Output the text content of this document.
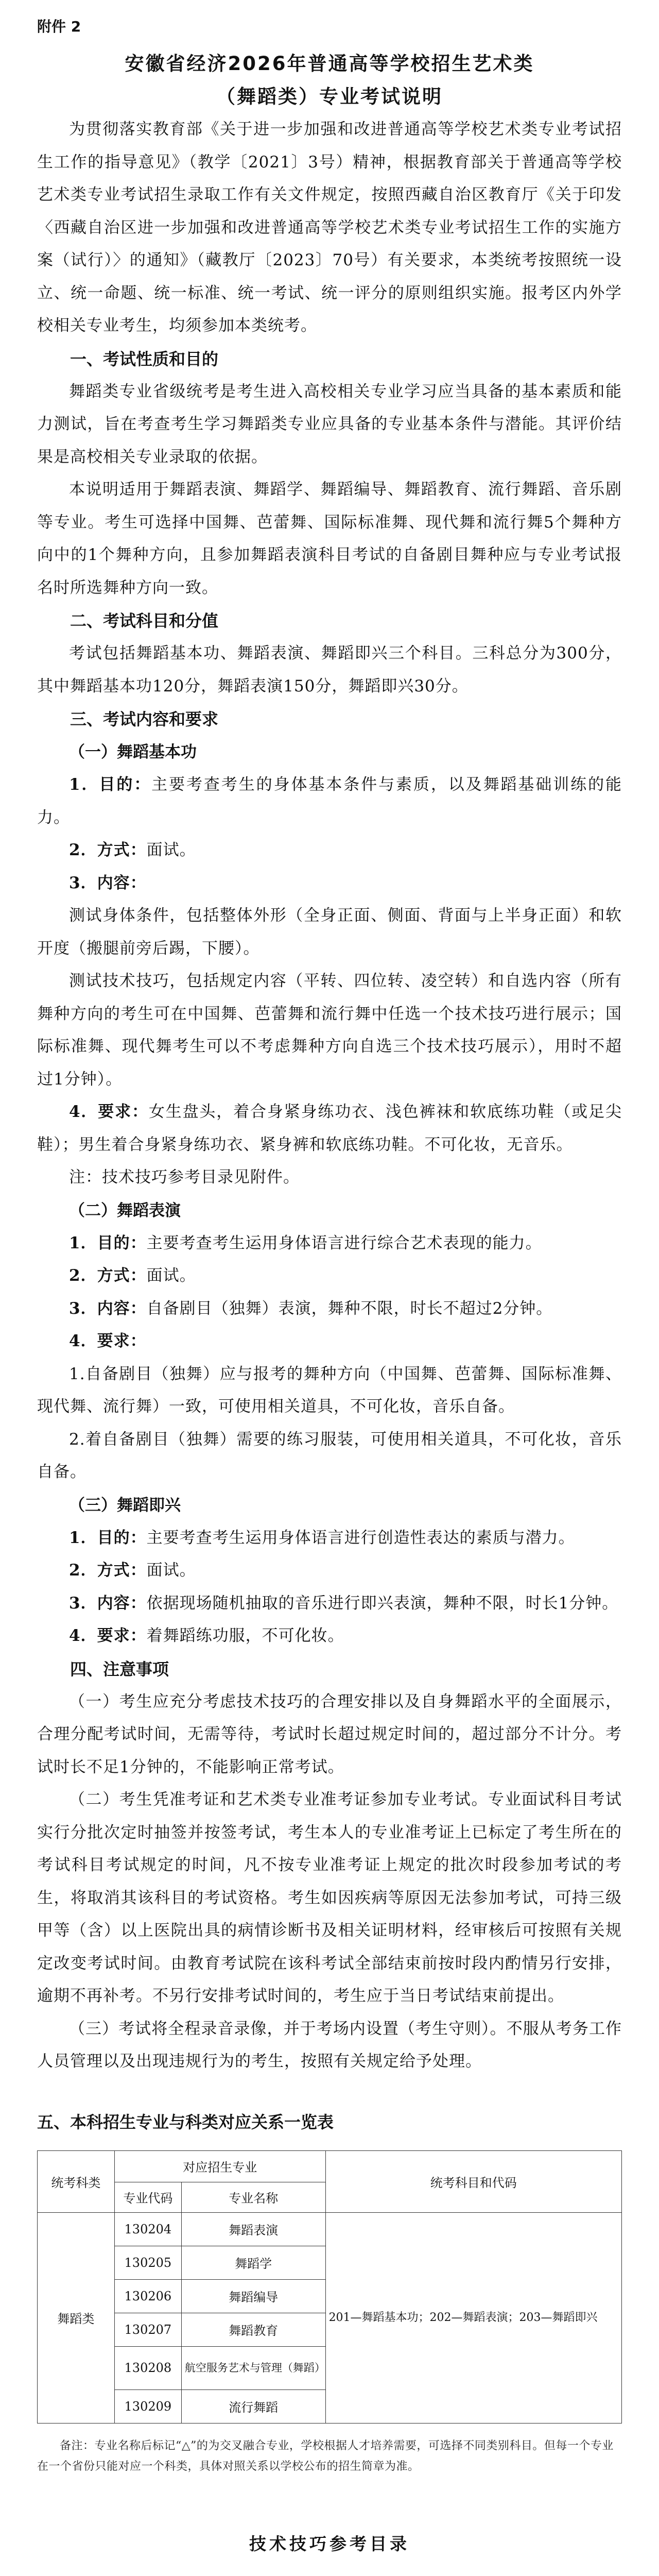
附件 2

安徽省经济2026年普通高等学校招生艺术类

（舞蹈类）专业考试说明

为贯彻落实教育部《关于进一步加强和改进普通高等学校艺术类专业考试招生工作的指导意见》（教学〔2021〕3号）精神，根据教育部关于普通高等学校艺术类专业考试招生录取工作有关文件规定，按照西藏自治区教育厅《关于印发〈西藏自治区进一步加强和改进普通高等学校艺术类专业考试招生工作的实施方案（试行）〉的通知》（藏教厅〔2023〕70号）有关要求，本类统考按照统一设立、统一命题、统一标准、统一考试、统一评分的原则组织实施。报考区内外学校相关专业考生，均须参加本类统考。

一、考试性质和目的

舞蹈类专业省级统考是考生进入高校相关专业学习应当具备的基本素质和能力测试，旨在考查考生学习舞蹈类专业应具备的专业基本条件与潜能。其评价结果是高校相关专业录取的依据。

本说明适用于舞蹈表演、舞蹈学、舞蹈编导、舞蹈教育、流行舞蹈、音乐剧等专业。考生可选择中国舞、芭蕾舞、国际标准舞、现代舞和流行舞5个舞种方向中的1个舞种方向，且参加舞蹈表演科目考试的自备剧目舞种应与专业考试报名时所选舞种方向一致。

二、考试科目和分值

考试包括舞蹈基本功、舞蹈表演、舞蹈即兴三个科目。三科总分为300分，其中舞蹈基本功120分，舞蹈表演150分，舞蹈即兴30分。

三、考试内容和要求

（一）舞蹈基本功

1．目的：主要考查考生的身体基本条件与素质，以及舞蹈基础训练的能力。

2．方式：面试。

3．内容：

测试身体条件，包括整体外形（全身正面、侧面、背面与上半身正面）和软开度（搬腿前旁后踢，下腰）。

测试技术技巧，包括规定内容（平转、四位转、凌空转）和自选内容（所有舞种方向的考生可在中国舞、芭蕾舞和流行舞中任选一个技术技巧进行展示；国际标准舞、现代舞考生可以不考虑舞种方向自选三个技术技巧展示），用时不超过1分钟）。

4．要求：女生盘头，着合身紧身练功衣、浅色裤袜和软底练功鞋（或足尖鞋）；男生着合身紧身练功衣、紧身裤和软底练功鞋。不可化妆，无音乐。

注：技术技巧参考目录见附件。

（二）舞蹈表演

1．目的：主要考查考生运用身体语言进行综合艺术表现的能力。

2．方式：面试。

3．内容：自备剧目（独舞）表演，舞种不限，时长不超过2分钟。

4．要求：

1.自备剧目（独舞）应与报考的舞种方向（中国舞、芭蕾舞、国际标准舞、现代舞、流行舞）一致，可使用相关道具，不可化妆，音乐自备。

2.着自备剧目（独舞）需要的练习服装，可使用相关道具，不可化妆，音乐自备。

（三）舞蹈即兴

1．目的：主要考查考生运用身体语言进行创造性表达的素质与潜力。

2．方式：面试。

3．内容：依据现场随机抽取的音乐进行即兴表演，舞种不限，时长1分钟。

4．要求：着舞蹈练功服，不可化妆。

四、注意事项

（一）考生应充分考虑技术技巧的合理安排以及自身舞蹈水平的全面展示，合理分配考试时间，无需等待，考试时长超过规定时间的，超过部分不计分。考试时长不足1分钟的，不能影响正常考试。

（二）考生凭准考证和艺术类专业准考证参加专业考试。专业面试科目考试实行分批次定时抽签并按签考试，考生本人的专业准考证上已标定了考生所在的考试科目考试规定的时间，凡不按专业准考证上规定的批次时段参加考试的考生，将取消其该科目的考试资格。考生如因疾病等原因无法参加考试，可持三级甲等（含）以上医院出具的病情诊断书及相关证明材料，经审核后可按照有关规定改变考试时间。由教育考试院在该科考试全部结束前按时段内酌情另行安排，逾期不再补考。不另行安排考试时间的，考生应于当日考试结束前提出。

（三）考试将全程录音录像，并于考场内设置（考生守则）。不服从考务工作人员管理以及出现违规行为的考生，按照有关规定给予处理。

五、本科招生专业与科类对应关系一览表

统考科类	对应招生专业		统考科目和代码
	专业代码	专业名称	
舞蹈类	130204	舞蹈表演	201—舞蹈基本功；202—舞蹈表演；203—舞蹈即兴
	130205	舞蹈学	
	130206	舞蹈编导	
	130207	舞蹈教育	
	130208	航空服务艺术与管理（舞蹈）	
	130209	流行舞蹈	

备注：专业名称后标记“△”的为交叉融合专业，学校根据人才培养需要，可选择不同类别科目。但每一个专业在一个省份只能对应一个科类，具体对照关系以学校公布的招生简章为准。

技术技巧参考目录
